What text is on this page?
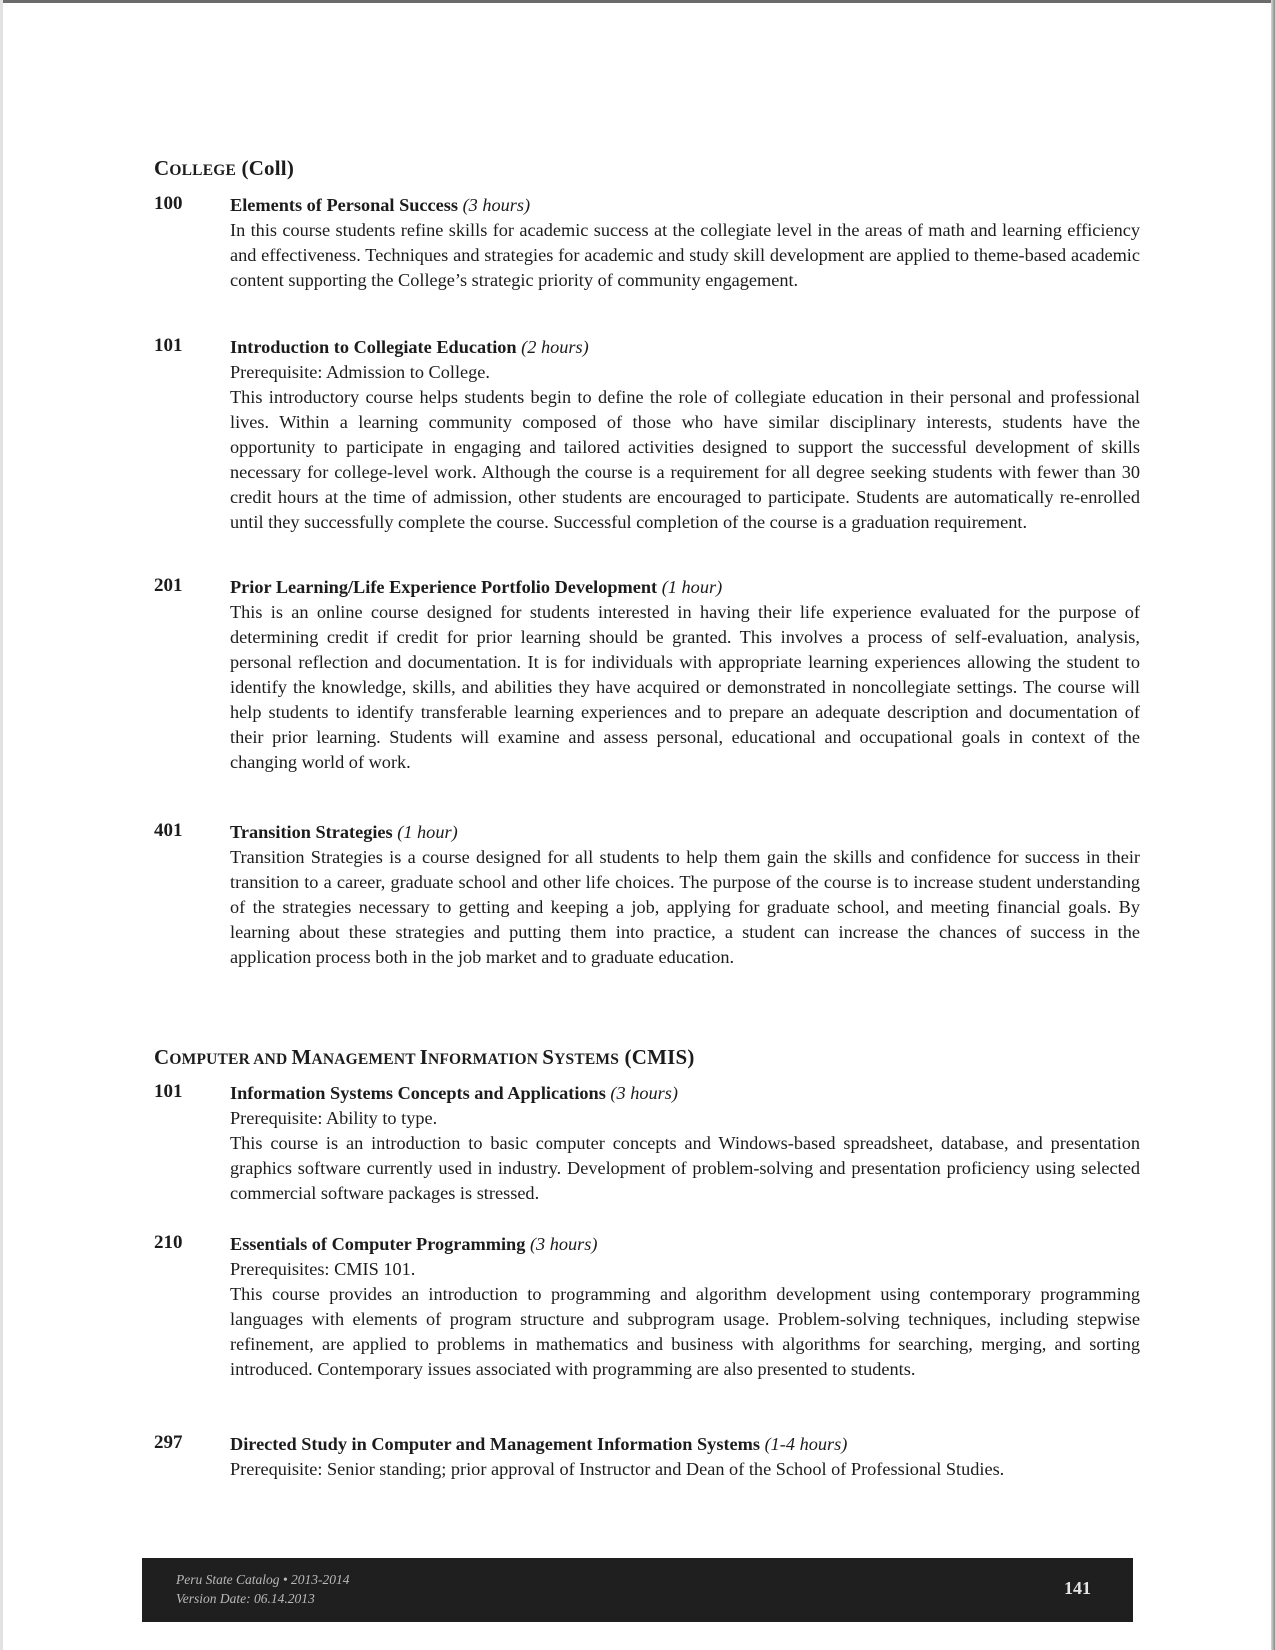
COLLEGE (Coll)
100	Elements of Personal Success (3 hours)

In this course students refine skills for academic success at the collegiate level in the areas of math and learning efficiency and effectiveness. Techniques and strategies for academic and study skill development are applied to theme-based academic content supporting the College’s strategic priority of community engagement.

101	Introduction to Collegiate Education (2 hours)

Prerequisite: Admission to College.

This introductory course helps students begin to define the role of collegiate education in their personal and professional lives. Within a learning community composed of those who have similar disciplinary interests, students have the opportunity to participate in engaging and tailored activities designed to support the successful development of skills necessary for college-level work. Although the course is a requirement for all degree seeking students with fewer than 30 credit hours at the time of admission, other students are encouraged to participate. Students are automatically re-enrolled until they successfully complete the course. Successful completion of the course is a graduation requirement.

201	Prior Learning/Life Experience Portfolio Development (1 hour)

This is an online course designed for students interested in having their life experience evaluated for the purpose of determining credit if credit for prior learning should be granted. This involves a process of self-evaluation, analysis, personal reflection and documentation. It is for individuals with appropriate learning experiences allowing the student to identify the knowledge, skills, and abilities they have acquired or demonstrated in noncollegiate settings. The course will help students to identify transferable learning experiences and to prepare an adequate description and documentation of their prior learning. Students will examine and assess personal, educational and occupational goals in context of the changing world of work.

401	Transition Strategies (1 hour)

Transition Strategies is a course designed for all students to help them gain the skills and confidence for success in their transition to a career, graduate school and other life choices. The purpose of the course is to increase student understanding of the strategies necessary to getting and keeping a job, applying for graduate school, and meeting financial goals. By learning about these strategies and putting them into practice, a student can increase the chances of success in the application process both in the job market and to graduate education.

COMPUTER AND MANAGEMENT INFORMATION SYSTEMS (CMIS)
101	Information Systems Concepts and Applications (3 hours)

Prerequisite: Ability to type.

This course is an introduction to basic computer concepts and Windows-based spreadsheet, database, and presentation graphics software currently used in industry. Development of problem-solving and presentation proficiency using selected commercial software packages is stressed.

210	Essentials of Computer Programming (3 hours)

Prerequisites: CMIS 101.

This course provides an introduction to programming and algorithm development using contemporary programming languages with elements of program structure and subprogram usage. Problem-solving techniques, including stepwise refinement, are applied to problems in mathematics and business with algorithms for searching, merging, and sorting introduced. Contemporary issues associated with programming are also presented to students.

297	Directed Study in Computer and Management Information Systems (1-4 hours)

Prerequisite: Senior standing; prior approval of Instructor and Dean of the School of Professional Studies.

Peru State Catalog • 2013-2014
Version Date: 06.14.2013
141
